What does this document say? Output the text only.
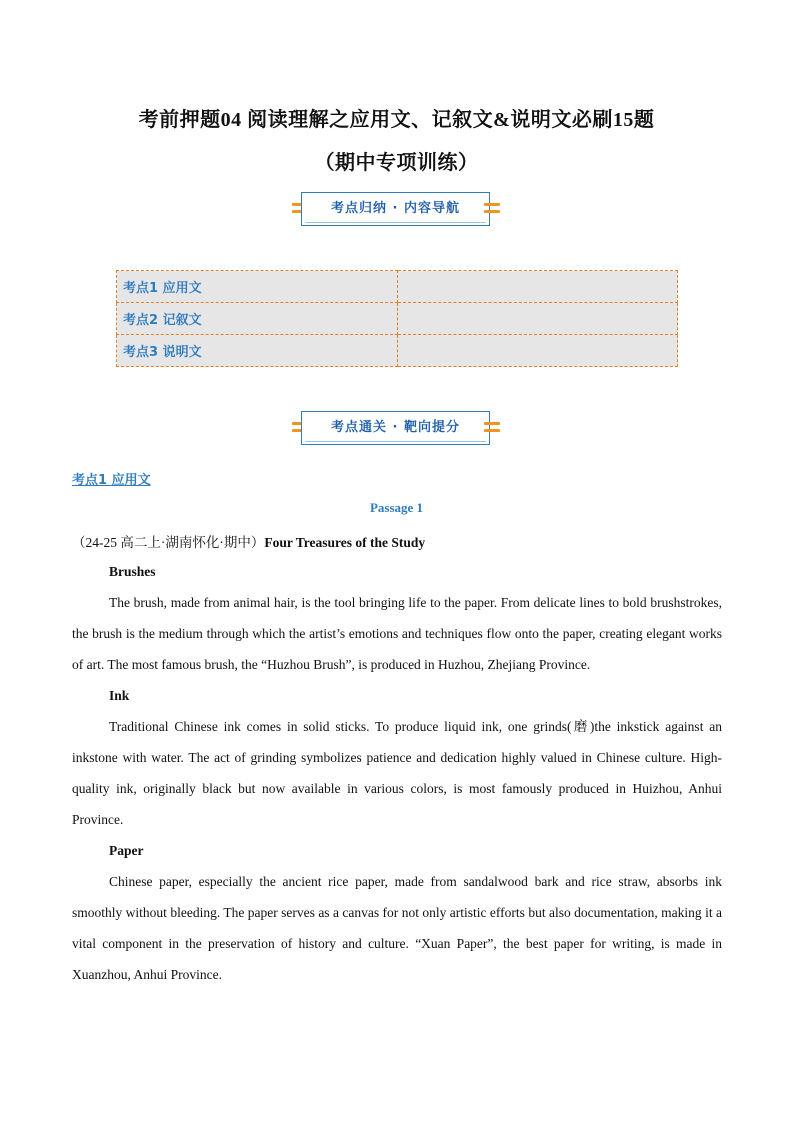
考前押题04 阅读理解之应用文、记叙文&说明文必刷15题
（期中专项训练）
考点归纳 · 内容导航
考点1 应用文	
考点2 记叙文	
考点3 说明文	
考点通关 · 靶向提分
考点1 应用文
Passage 1
（24-25 高二上·湖南怀化·期中）Four Treasures of the Study
Brushes

The brush, made from animal hair, is the tool bringing life to the paper. From delicate lines to bold brushstrokes, the brush is the medium through which the artist’s emotions and techniques flow onto the paper, creating elegant works of art. The most famous brush, the “Huzhou Brush”, is produced in Huzhou, Zhejiang Province.

Ink

Traditional Chinese ink comes in solid sticks. To produce liquid ink, one grinds(磨)the inkstick against an inkstone with water. The act of grinding symbolizes patience and dedication highly valued in Chinese culture. High-quality ink, originally black but now available in various colors, is most famously produced in Huizhou, Anhui Province.

Paper

Chinese paper, especially the ancient rice paper, made from sandalwood bark and rice straw, absorbs ink smoothly without bleeding. The paper serves as a canvas for not only artistic efforts but also documentation, making it a vital component in the preservation of history and culture. “Xuan Paper”, the best paper for writing, is made in Xuanzhou, Anhui Province.
